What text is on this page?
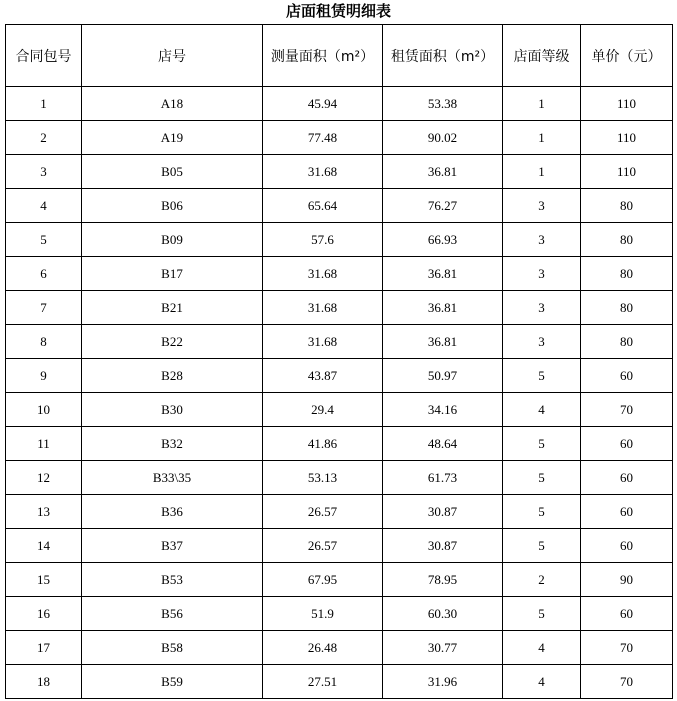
店面租赁明细表
合同包号	店号	测量面积（m²）	租赁面积（m²）	店面等级	单价（元）
1	A18	45.94	53.38	1	110
2	A19	77.48	90.02	1	110
3	B05	31.68	36.81	1	110
4	B06	65.64	76.27	3	80
5	B09	57.6	66.93	3	80
6	B17	31.68	36.81	3	80
7	B21	31.68	36.81	3	80
8	B22	31.68	36.81	3	80
9	B28	43.87	50.97	5	60
10	B30	29.4	34.16	4	70
11	B32	41.86	48.64	5	60
12	B33\35	53.13	61.73	5	60
13	B36	26.57	30.87	5	60
14	B37	26.57	30.87	5	60
15	B53	67.95	78.95	2	90
16	B56	51.9	60.30	5	60
17	B58	26.48	30.77	4	70
18	B59	27.51	31.96	4	70
